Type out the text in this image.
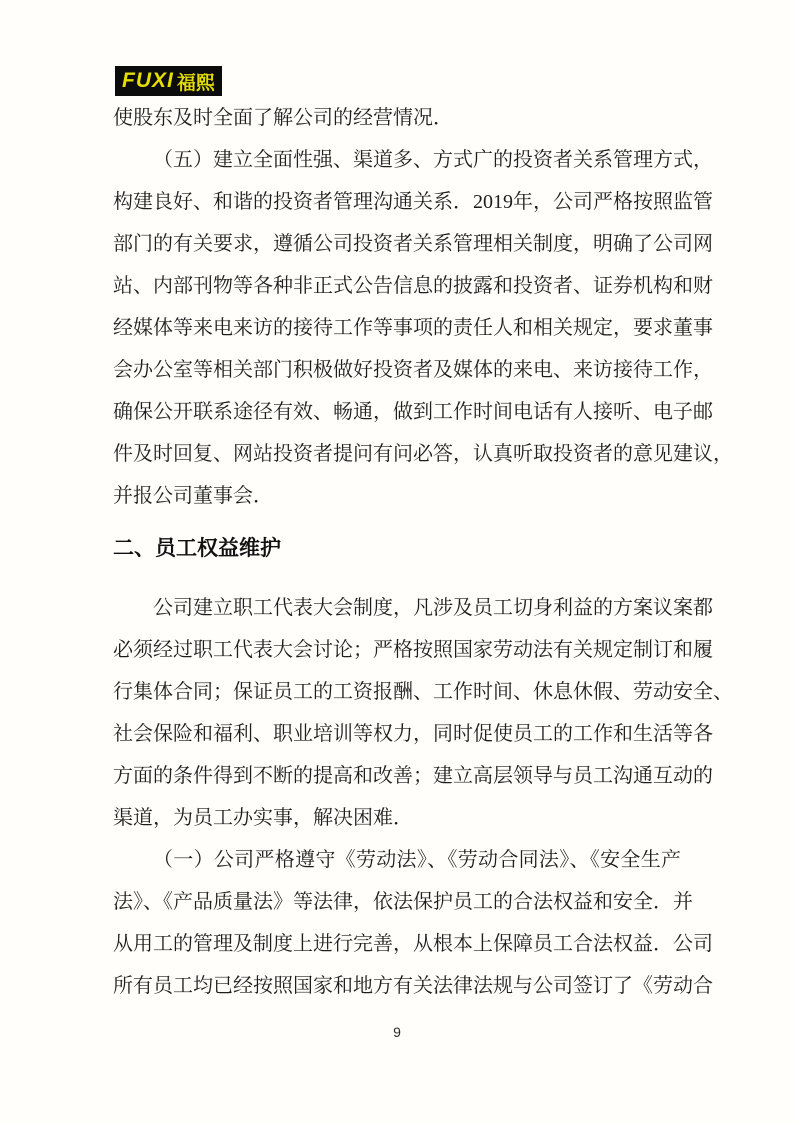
FUXI 福熙
使股东及时全面了解公司的经营情况．
（五）建立全面性强、渠道多、方式广的投资者关系管理方式，
构建良好、和谐的投资者管理沟通关系．2019年，公司严格按照监管
部门的有关要求，遵循公司投资者关系管理相关制度，明确了公司网
站、内部刊物等各种非正式公告信息的披露和投资者、证券机构和财
经媒体等来电来访的接待工作等事项的责任人和相关规定，要求董事
会办公室等相关部门积极做好投资者及媒体的来电、来访接待工作，
确保公开联系途径有效、畅通，做到工作时间电话有人接听、电子邮
件及时回复、网站投资者提问有问必答，认真听取投资者的意见建议，
并报公司董事会．
二、员工权益维护
公司建立职工代表大会制度，凡涉及员工切身利益的方案议案都
必须经过职工代表大会讨论；严格按照国家劳动法有关规定制订和履
行集体合同；保证员工的工资报酬、工作时间、休息休假、劳动安全、
社会保险和福利、职业培训等权力，同时促使员工的工作和生活等各
方面的条件得到不断的提高和改善；建立高层领导与员工沟通互动的
渠道，为员工办实事，解决困难．
（一）公司严格遵守《劳动法》、《劳动合同法》、《安全生产
法》、《产品质量法》等法律，依法保护员工的合法权益和安全．并
从用工的管理及制度上进行完善，从根本上保障员工合法权益．公司
所有员工均已经按照国家和地方有关法律法规与公司签订了《劳动合
9
